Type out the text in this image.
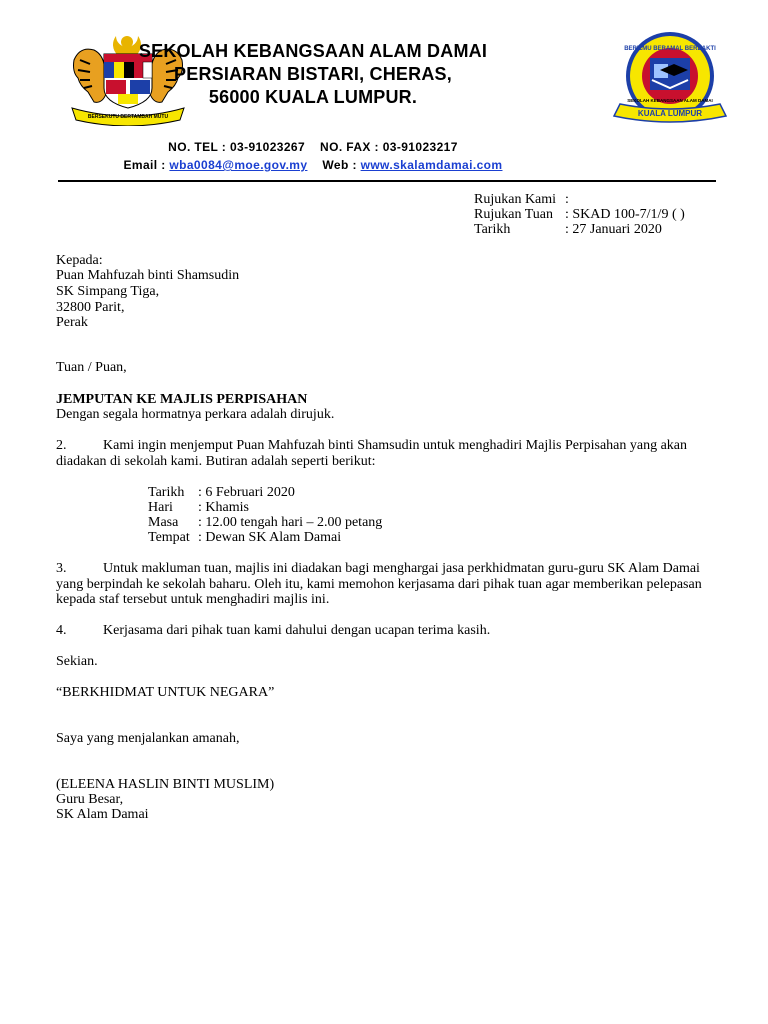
BERSEKUTU BERTAMBAH MUTU
SEKOLAH KEBANGSAAN ALAM DAMAI
PERSIARAN BISTARI, CHERAS,
56000 KUALA LUMPUR.
BERILMU BERAMAL BERBAKTI
SEKOLAH KEBANGSAAN ALAM DAMAI
KUALA LUMPUR
NO. TEL : 03-91023267 NO. FAX : 03-91023217
Email : wba0084@moe.gov.my Web : www.skalamdamai.com
Rujukan Kami :
Rujukan Tuan : SKAD 100-7/1/9 ( )
Tarikh	: 27 Januari 2020
Kepada:
Puan Mahfuzah binti Shamsudin
SK Simpang Tiga,
32800 Parit,
Perak
Tuan / Puan,
JEMPUTAN KE MAJLIS PERPISAHAN
Dengan segala hormatnya perkara adalah dirujuk.
2.	Kami ingin menjemput Puan Mahfuzah binti Shamsudin untuk menghadiri Majlis Perpisahan yang akan
diadakan di sekolah kami. Butiran adalah seperti berikut:
Tarikh : 6 Februari 2020
Hari : Khamis
Masa : 12.00 tengah hari – 2.00 petang
Tempat : Dewan SK Alam Damai
3.	Untuk makluman tuan, majlis ini diadakan bagi menghargai jasa perkhidmatan guru-guru SK Alam Damai
yang berpindah ke sekolah baharu. Oleh itu, kami memohon kerjasama dari pihak tuan agar memberikan pelepasan
kepada staf tersebut untuk menghadiri majlis ini.
4.	Kerjasama dari pihak tuan kami dahului dengan ucapan terima kasih.
Sekian.
“BERKHIDMAT UNTUK NEGARA”
Saya yang menjalankan amanah,
(ELEENA HASLIN BINTI MUSLIM)
Guru Besar,
SK Alam Damai
